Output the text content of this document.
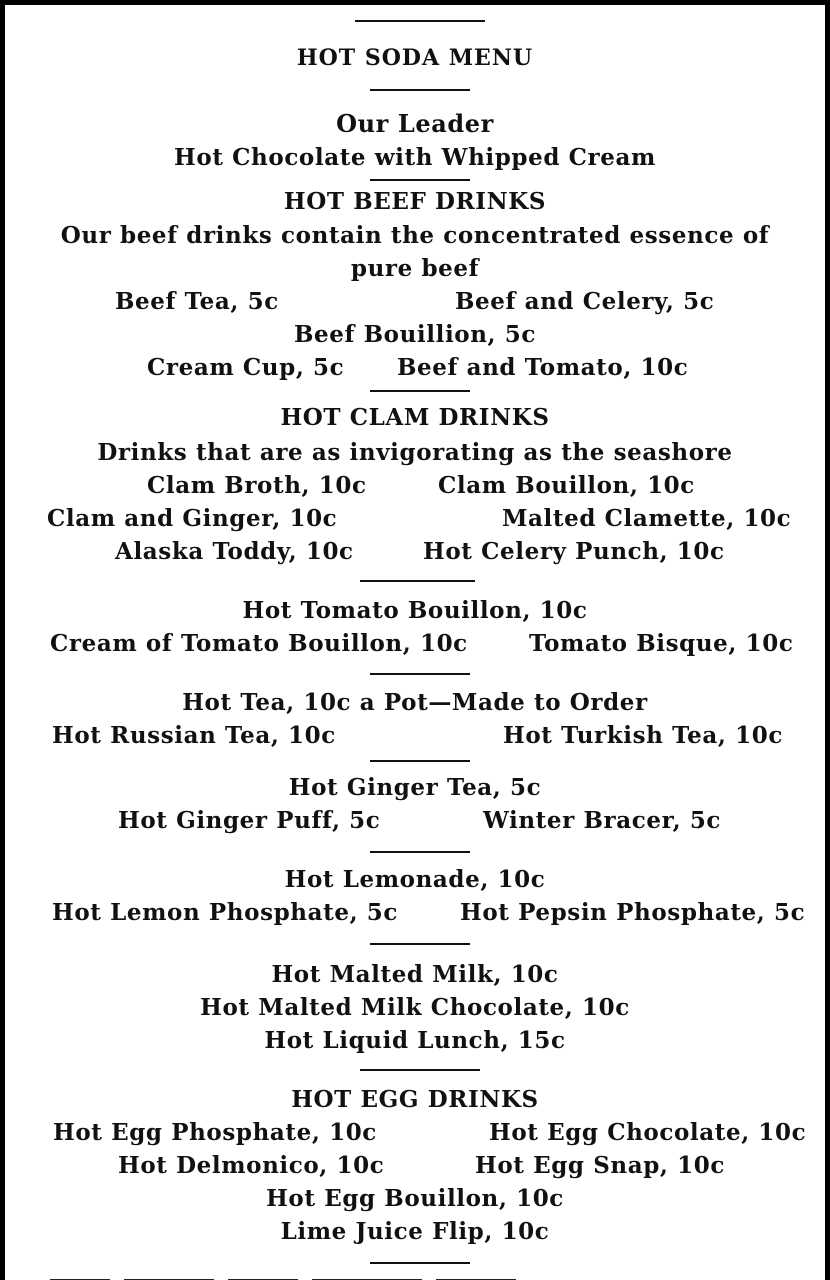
HOT SODA MENU
Our Leader
Hot Chocolate with Whipped Cream
HOT BEEF DRINKS
Our beef drinks contain the concentrated essence of
pure beef
Beef Tea, 5c	Beef and Celery, 5c
Beef Bouillion, 5c
Cream Cup, 5c Beef and Tomato, 10c
HOT CLAM DRINKS
Drinks that are as invigorating as the seashore
Clam Broth, 10c	Clam Bouillon, 10c
Clam and Ginger, 10c	Malted Clamette, 10c
Alaska Toddy, 10c	Hot Celery Punch, 10c
Hot Tomato Bouillon, 10c
Cream of Tomato Bouillon, 10c	Tomato Bisque, 10c
Hot Tea, 10c a Pot—Made to Order
Hot Russian Tea, 10c	Hot Turkish Tea, 10c
Hot Ginger Tea, 5c
Hot Ginger Puff, 5c	Winter Bracer, 5c
Hot Lemonade, 10c
Hot Lemon Phosphate, 5c	Hot Pepsin Phosphate, 5c
Hot Malted Milk, 10c
Hot Malted Milk Chocolate, 10c
Hot Liquid Lunch, 15c
HOT EGG DRINKS
Hot Egg Phosphate, 10c	Hot Egg Chocolate, 10c
Hot Delmonico, 10c	Hot Egg Snap, 10c
Hot Egg Bouillon, 10c
Lime Juice Flip, 10c
